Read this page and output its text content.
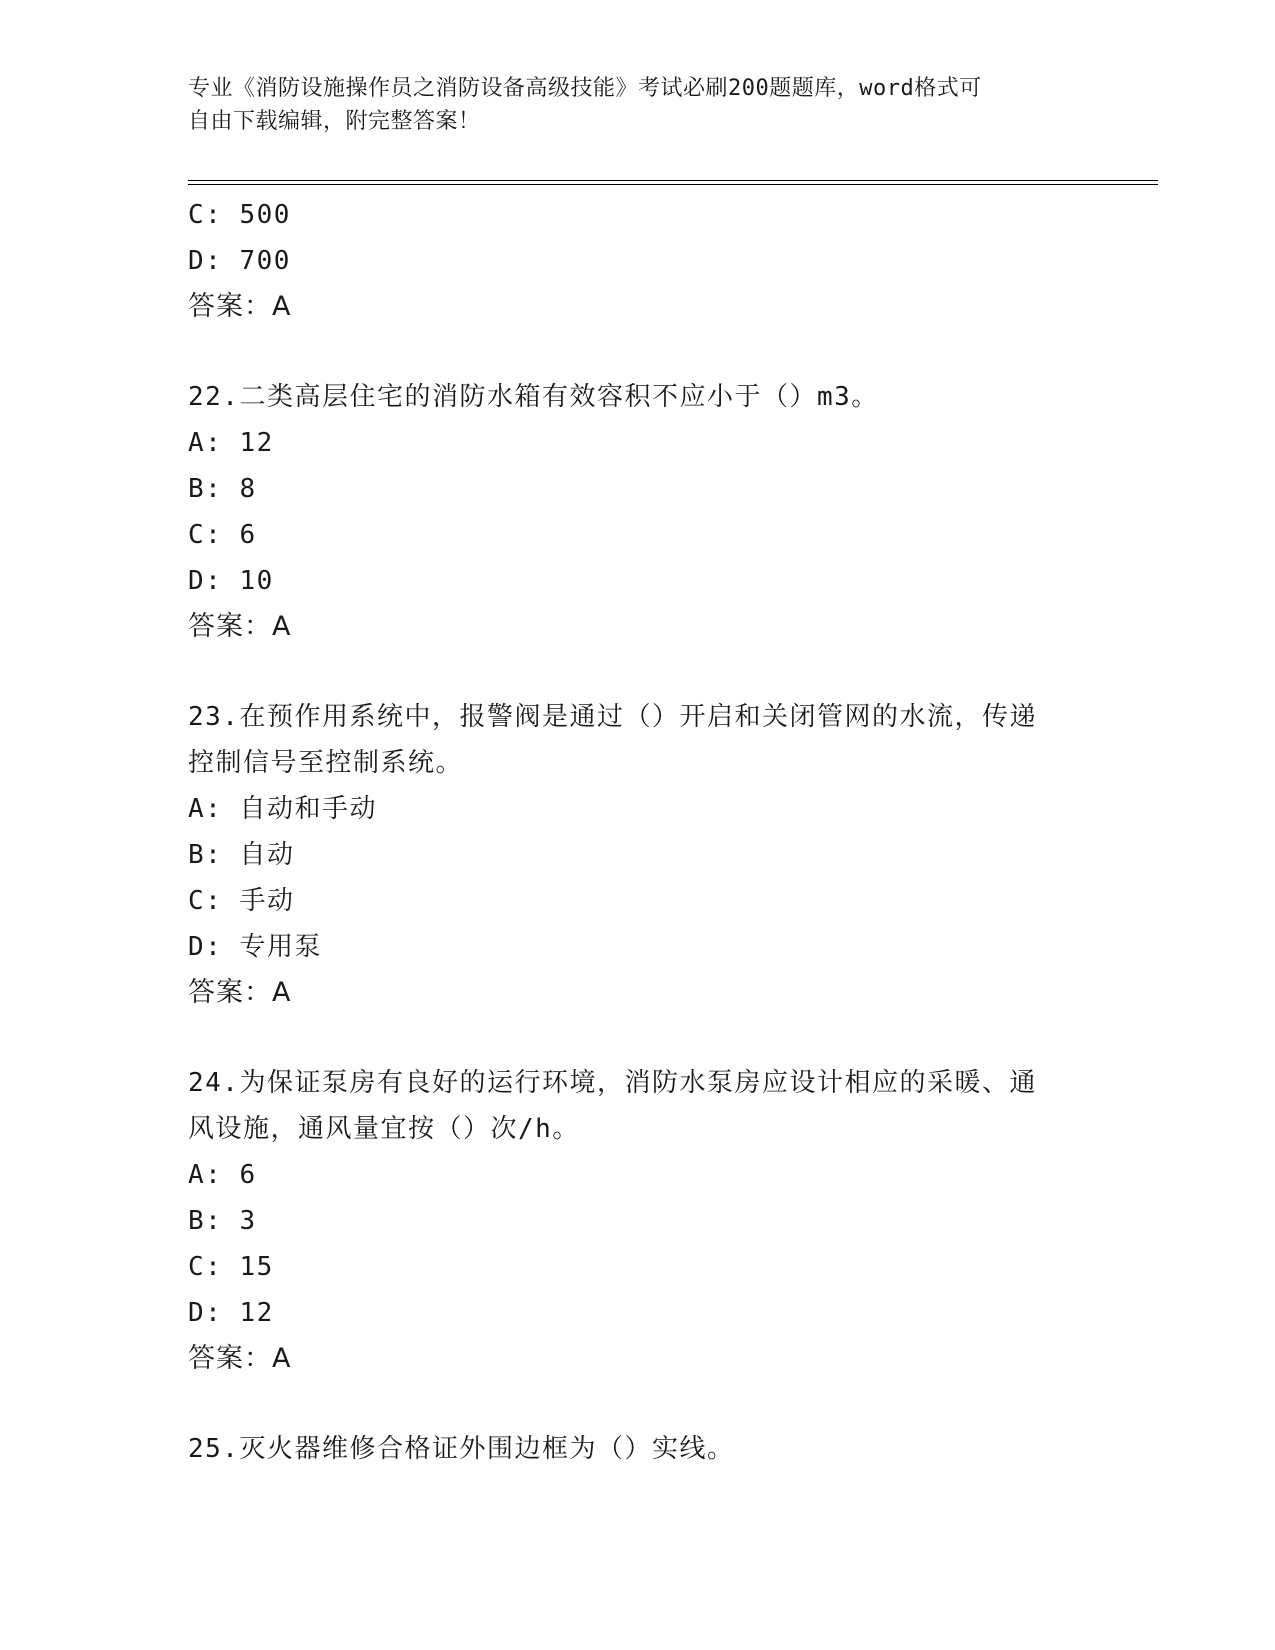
专业《消防设施操作员之消防设备高级技能》考试必刷200题题库，word格式可
自由下载编辑，附完整答案！
C: 500
D: 700
答案：A
22.二类高层住宅的消防水箱有效容积不应小于（）m3。
A: 12
B: 8
C: 6
D: 10
答案：A
23.在预作用系统中，报警阀是通过（）开启和关闭管网的水流，传递
控制信号至控制系统。
A: 自动和手动
B: 自动
C: 手动
D: 专用泵
答案：A
24.为保证泵房有良好的运行环境，消防水泵房应设计相应的采暖、通
风设施，通风量宜按（）次/h。
A: 6
B: 3
C: 15
D: 12
答案：A
25.灭火器维修合格证外围边框为（）实线。
